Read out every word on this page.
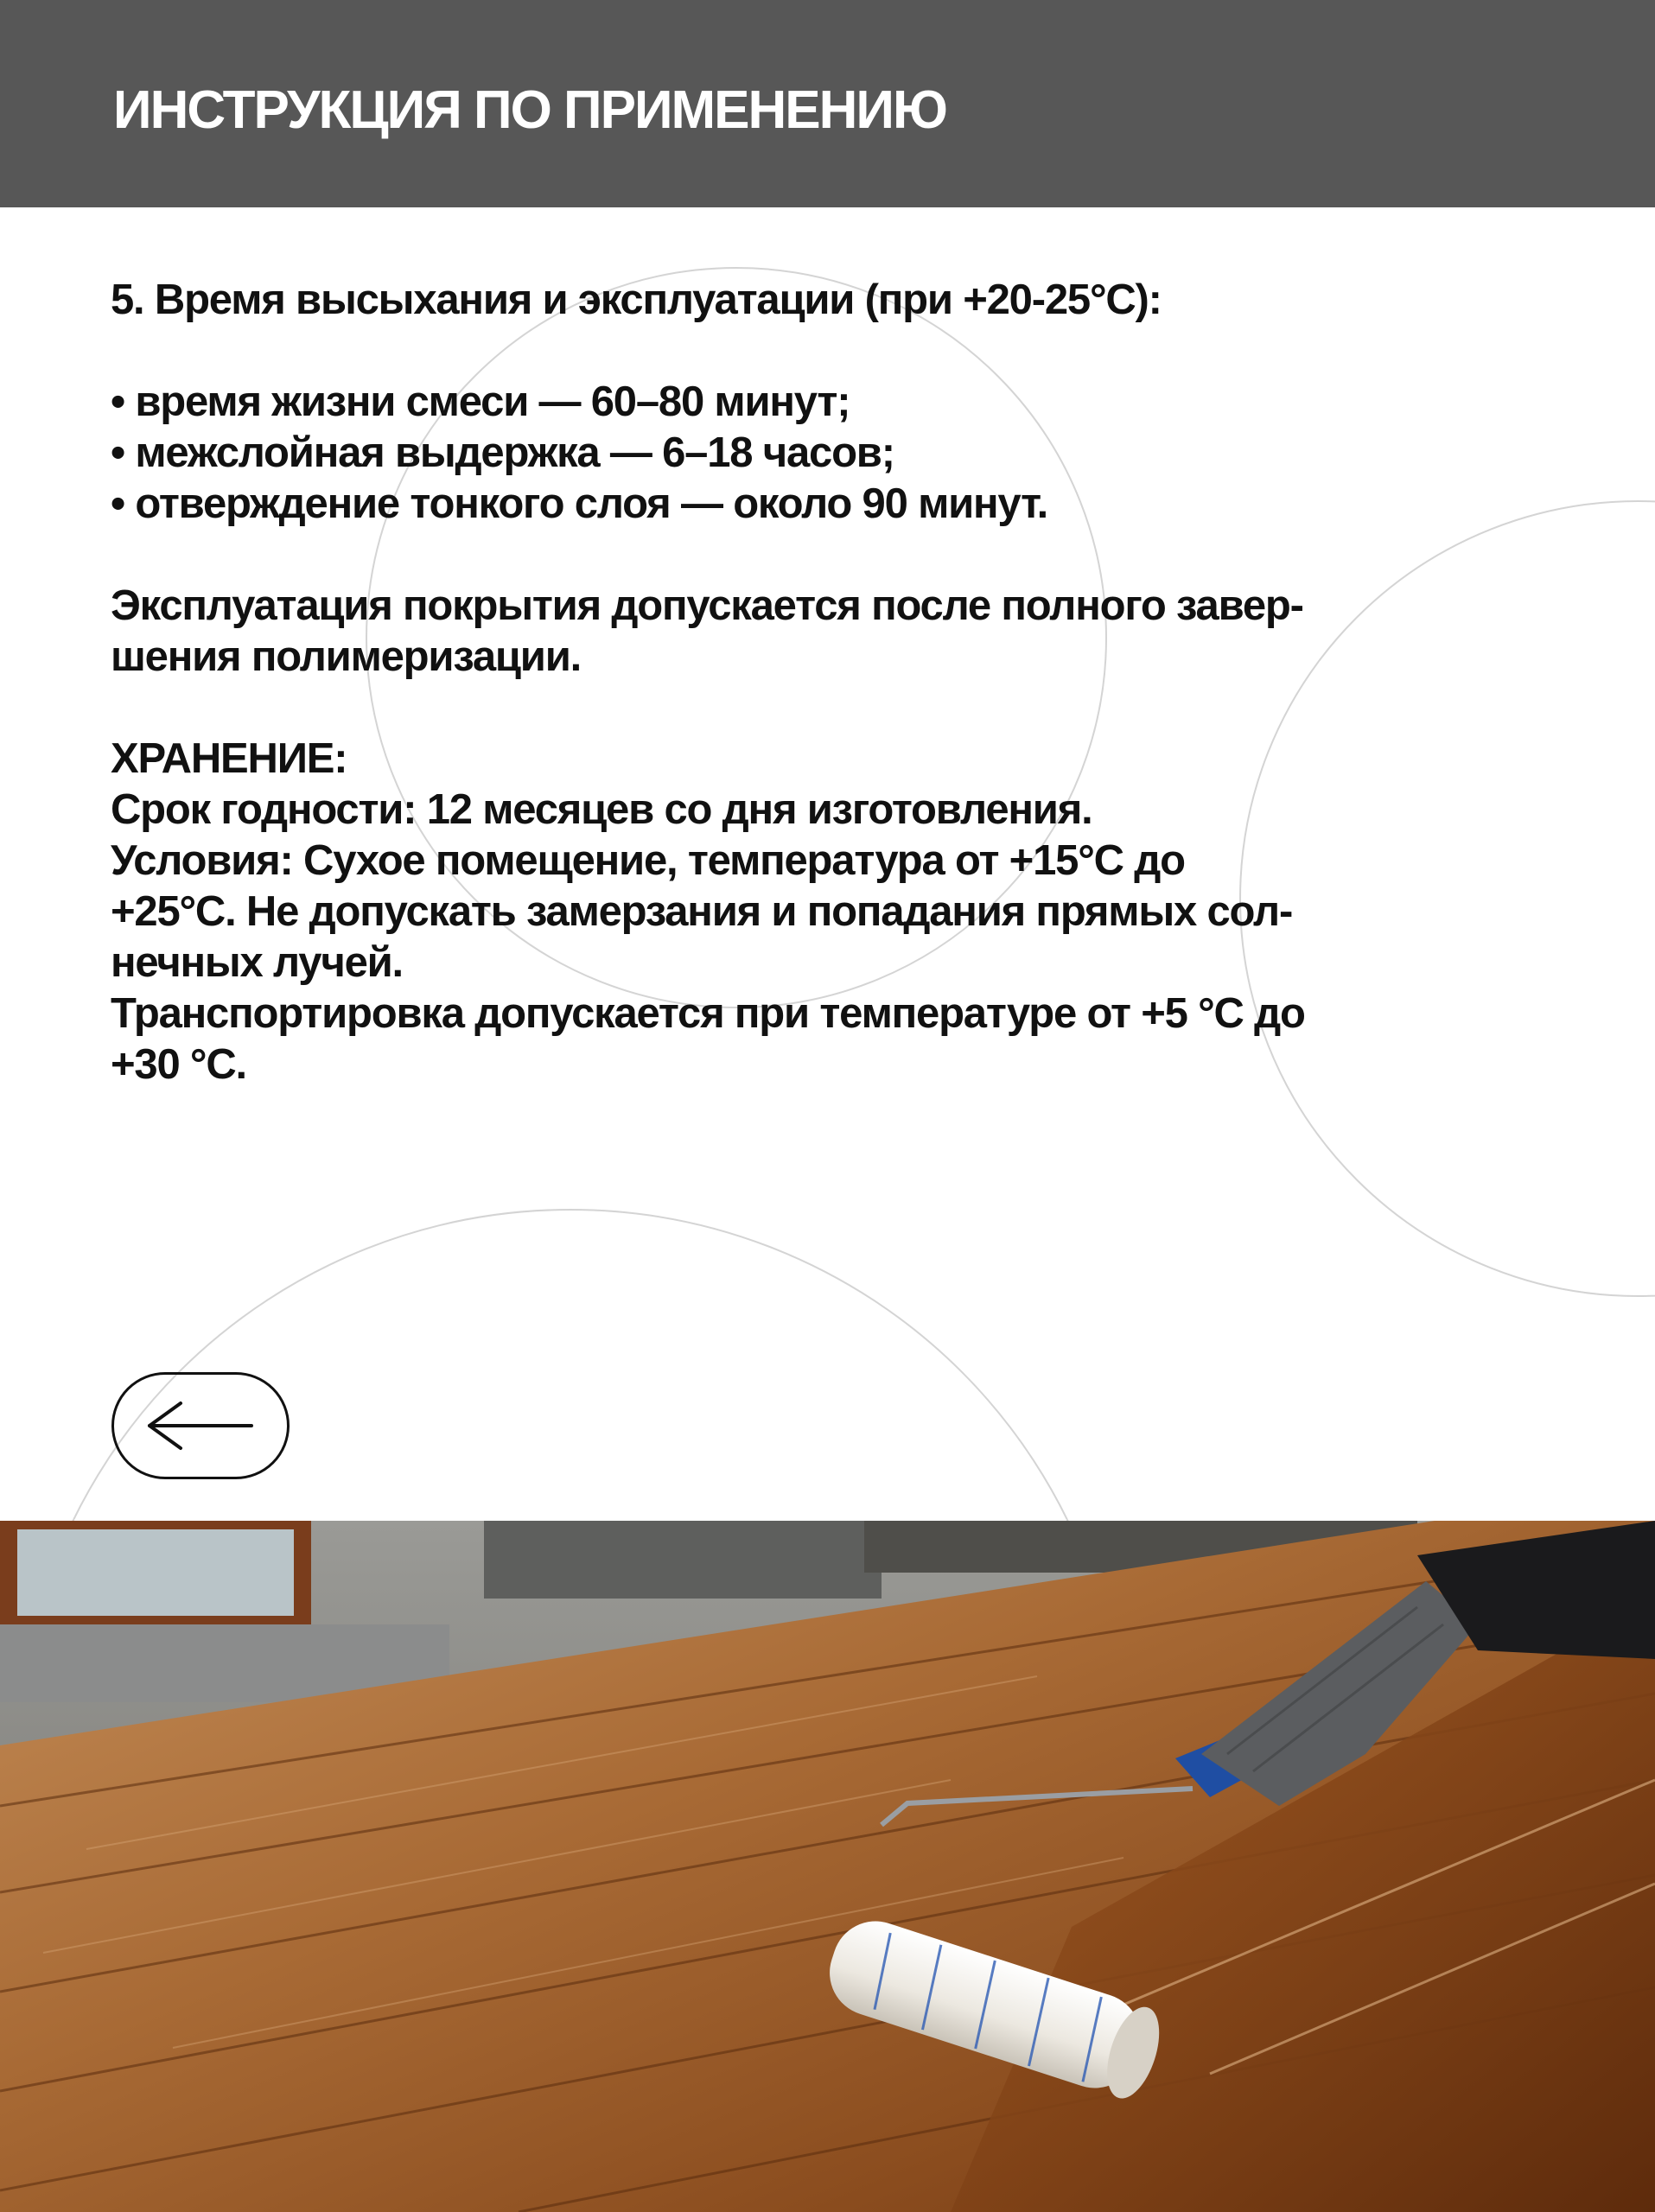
ИНСТРУКЦИЯ ПО ПРИМЕНЕНИЮ
5. Время высыхания и эксплуатации (при +20-25°С):
• время жизни смеси — 60–80 минут;
• межслойная выдержка — 6–18 часов;
• отверждение тонкого слоя — около 90 минут.
Эксплуатация покрытия допускается после полного завер-
шения полимеризации.
ХРАНЕНИЕ:
Срок годности: 12 месяцев со дня изготовления.
Условия: Сухое помещение, температура от +15°С до
+25°С. Не допускать замерзания и попадания прямых сол-
нечных лучей.
Транспортировка допускается при температуре от +5 °С до
+30 °С.
